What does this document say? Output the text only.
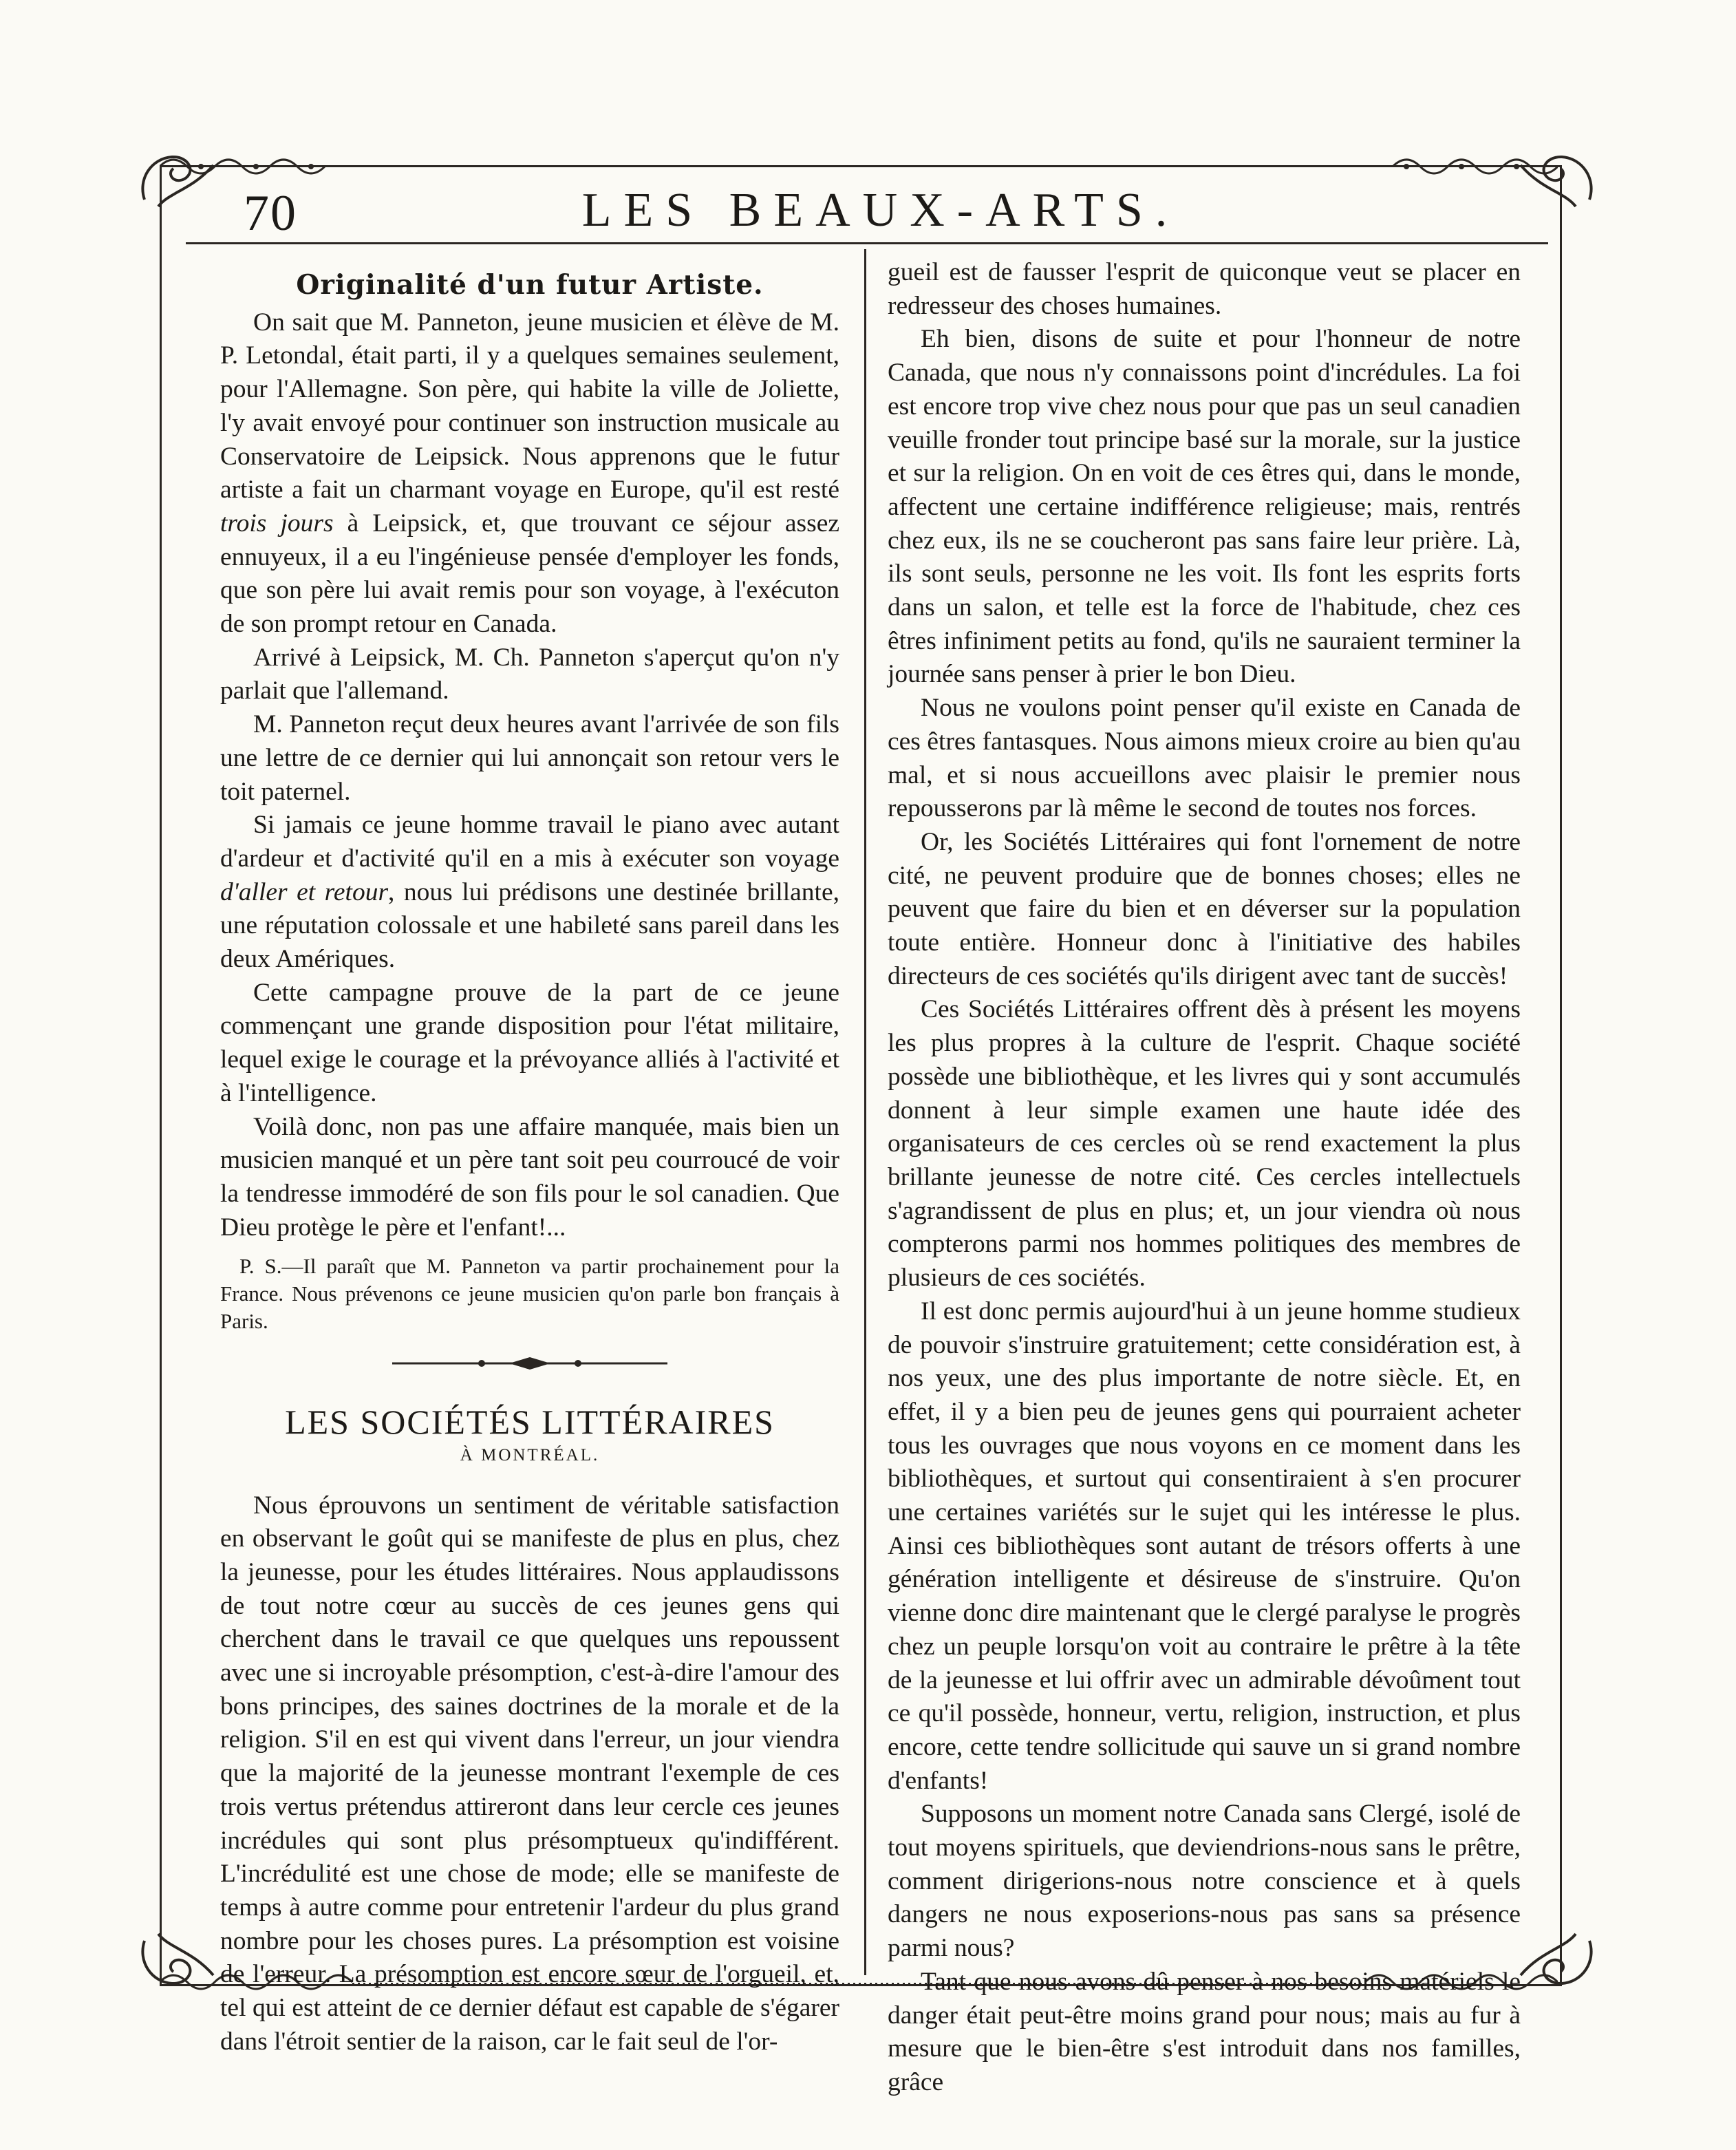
70	LES BEAUX-ARTS.
Originalité d'un futur Artiste.

On sait que M. Panneton, jeune musicien et élève de M. P. Letondal, était parti, il y a quelques semaines seulement, pour l'Allemagne. Son père, qui habite la ville de Joliette, l'y avait envoyé pour continuer son instruction musicale au Conservatoire de Leipsick. Nous apprenons que le futur artiste a fait un charmant voyage en Europe, qu'il est resté trois jours à Leipsick, et, que trouvant ce séjour assez ennuyeux, il a eu l'ingénieuse pensée d'employer les fonds, que son père lui avait remis pour son voyage, à l'exécuton de son prompt retour en Canada.

Arrivé à Leipsick, M. Ch. Panneton s'aperçut qu'on n'y parlait que l'allemand.

M. Panneton reçut deux heures avant l'arrivée de son fils une lettre de ce dernier qui lui annonçait son retour vers le toit paternel.

Si jamais ce jeune homme travail le piano avec autant d'ardeur et d'activité qu'il en a mis à exécuter son voyage d'aller et retour, nous lui prédisons une destinée brillante, une réputation colossale et une habileté sans pareil dans les deux Amériques.

Cette campagne prouve de la part de ce jeune commençant une grande disposition pour l'état militaire, lequel exige le courage et la prévoyance alliés à l'activité et à l'intelligence.

Voilà donc, non pas une affaire manquée, mais bien un musicien manqué et un père tant soit peu courroucé de voir la tendresse immodéré de son fils pour le sol canadien. Que Dieu protège le père et l'enfant!...

P. S.—Il paraît que M. Panneton va partir prochainement pour la France. Nous prévenons ce jeune musicien qu'on parle bon français à Paris.

LES SOCIÉTÉS LITTÉRAIRES
À MONTRÉAL.

Nous éprouvons un sentiment de véritable satisfaction en observant le goût qui se manifeste de plus en plus, chez la jeunesse, pour les études littéraires. Nous applaudissons de tout notre cœur au succès de ces jeunes gens qui cherchent dans le travail ce que quelques uns repoussent avec une si incroyable présomption, c'est-à-dire l'amour des bons principes, des saines doctrines de la morale et de la religion. S'il en est qui vivent dans l'erreur, un jour viendra que la majorité de la jeunesse montrant l'exemple de ces trois vertus prétendus attireront dans leur cercle ces jeunes incrédules qui sont plus présomptueux qu'indifférent. L'incrédulité est une chose de mode; elle se manifeste de temps à autre comme pour entretenir l'ardeur du plus grand nombre pour les choses pures. La présomption est voisine de l'erreur. La présomption est encore sœur de l'orgueil, et, tel qui est atteint de ce dernier défaut est capable de s'égarer dans l'étroit sentier de la raison, car le fait seul de l'or-

gueil est de fausser l'esprit de quiconque veut se placer en redresseur des choses humaines.

Eh bien, disons de suite et pour l'honneur de notre Canada, que nous n'y connaissons point d'incrédules. La foi est encore trop vive chez nous pour que pas un seul canadien veuille fronder tout principe basé sur la morale, sur la justice et sur la religion. On en voit de ces êtres qui, dans le monde, affectent une certaine indifférence religieuse; mais, rentrés chez eux, ils ne se coucheront pas sans faire leur prière. Là, ils sont seuls, personne ne les voit. Ils font les esprits forts dans un salon, et telle est la force de l'habitude, chez ces êtres infiniment petits au fond, qu'ils ne sauraient terminer la journée sans penser à prier le bon Dieu.

Nous ne voulons point penser qu'il existe en Canada de ces êtres fantasques. Nous aimons mieux croire au bien qu'au mal, et si nous accueillons avec plaisir le premier nous repousserons par là même le second de toutes nos forces.

Or, les Sociétés Littéraires qui font l'ornement de notre cité, ne peuvent produire que de bonnes choses; elles ne peuvent que faire du bien et en déverser sur la population toute entière. Honneur donc à l'initiative des habiles directeurs de ces sociétés qu'ils dirigent avec tant de succès!

Ces Sociétés Littéraires offrent dès à présent les moyens les plus propres à la culture de l'esprit. Chaque société possède une bibliothèque, et les livres qui y sont accumulés donnent à leur simple examen une haute idée des organisateurs de ces cercles où se rend exactement la plus brillante jeunesse de notre cité. Ces cercles intellectuels s'agrandissent de plus en plus; et, un jour viendra où nous compterons parmi nos hommes politiques des membres de plusieurs de ces sociétés.

Il est donc permis aujourd'hui à un jeune homme studieux de pouvoir s'instruire gratuitement; cette considération est, à nos yeux, une des plus importante de notre siècle. Et, en effet, il y a bien peu de jeunes gens qui pourraient acheter tous les ouvrages que nous voyons en ce moment dans les bibliothèques, et surtout qui consentiraient à s'en procurer une certaines variétés sur le sujet qui les intéresse le plus. Ainsi ces bibliothèques sont autant de trésors offerts à une génération intelligente et désireuse de s'instruire. Qu'on vienne donc dire maintenant que le clergé paralyse le progrès chez un peuple lorsqu'on voit au contraire le prêtre à la tête de la jeunesse et lui offrir avec un admirable dévoûment tout ce qu'il possède, honneur, vertu, religion, instruction, et plus encore, cette tendre sollicitude qui sauve un si grand nombre d'enfants!

Supposons un moment notre Canada sans Clergé, isolé de tout moyens spirituels, que deviendrions-nous sans le prêtre, comment dirigerions-nous notre conscience et à quels dangers ne nous exposerions-nous pas sans sa présence parmi nous?

Tant que nous avons dû penser à nos besoins matériels le danger était peut-être moins grand pour nous; mais au fur à mesure que le bien-être s'est introduit dans nos familles, grâce
